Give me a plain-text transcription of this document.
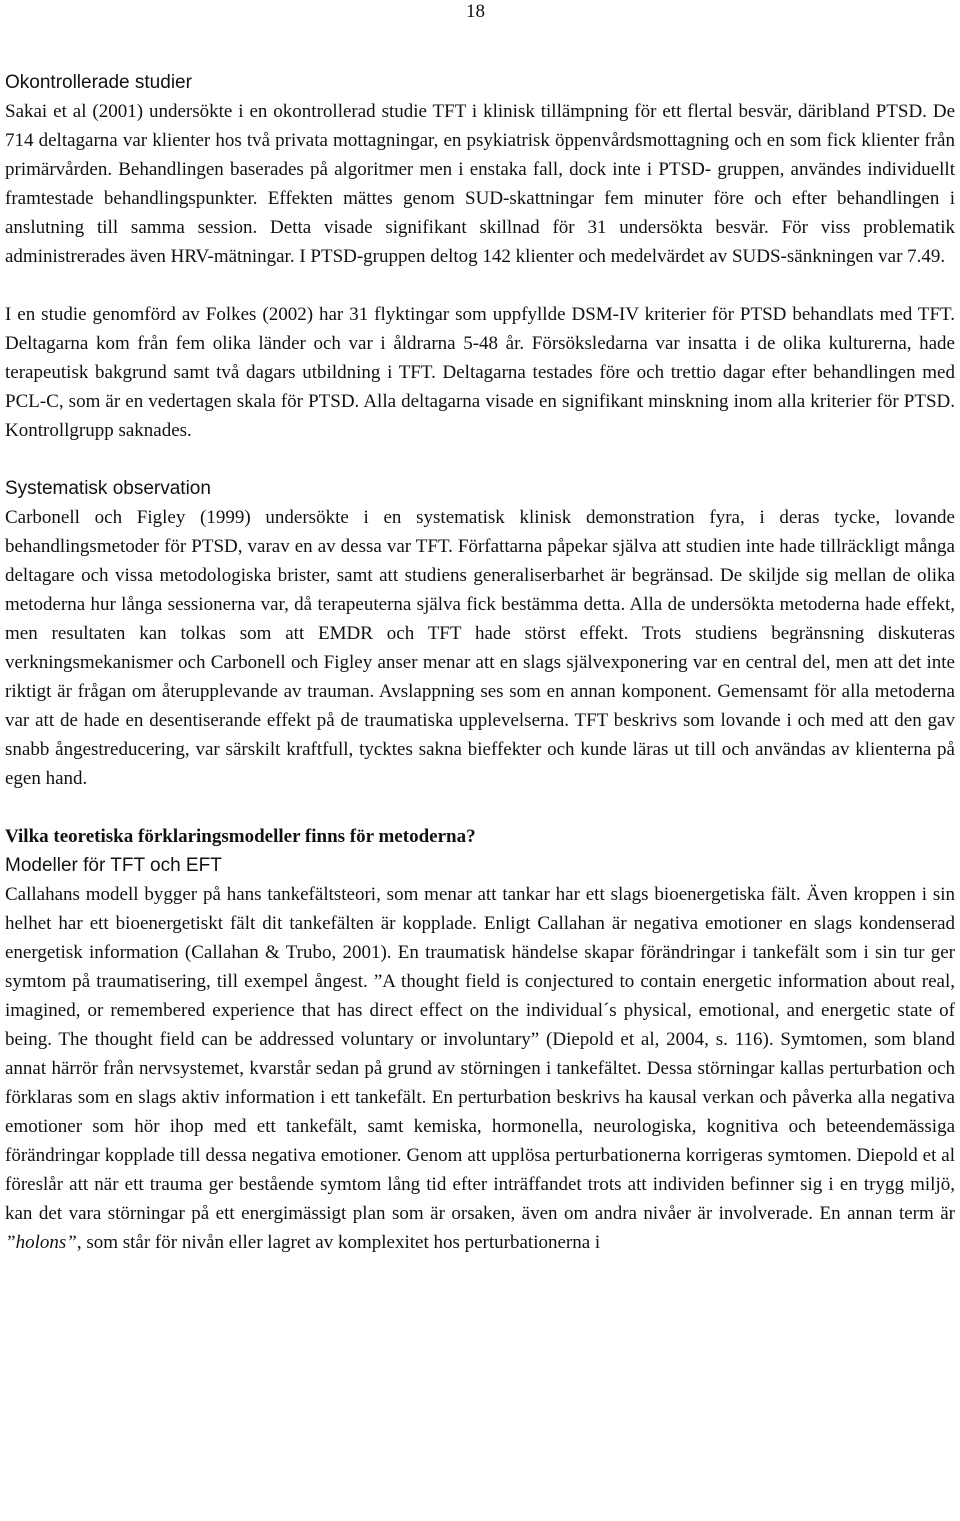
18

Okontrollerade studier

Sakai et al (2001) undersökte i en okontrollerad studie TFT i klinisk tillämpning för ett flertal besvär, däribland PTSD. De 714 deltagarna var klienter hos två privata mottagningar, en psykiatrisk öppenvårdsmottagning och en som fick klienter från primärvården. Behandlingen baserades på algoritmer men i enstaka fall, dock inte i PTSD- gruppen, användes individuellt framtestade behandlingspunkter. Effekten mättes genom SUD-skattningar fem minuter före och efter behandlingen i anslutning till samma session. Detta visade signifikant skillnad för 31 undersökta besvär. För viss problematik administrerades även HRV-mätningar. I PTSD-gruppen deltog 142 klienter och medelvärdet av SUDS-sänkningen var 7.49.

I en studie genomförd av Folkes (2002) har 31 flyktingar som uppfyllde DSM-IV kriterier för PTSD behandlats med TFT. Deltagarna kom från fem olika länder och var i åldrarna 5-48 år. Försöksledarna var insatta i de olika kulturerna, hade terapeutisk bakgrund samt två dagars utbildning i TFT. Deltagarna testades före och trettio dagar efter behandlingen med PCL-C, som är en vedertagen skala för PTSD. Alla deltagarna visade en signifikant minskning inom alla kriterier för PTSD. Kontrollgrupp saknades.

Systematisk observation

Carbonell och Figley (1999) undersökte i en systematisk klinisk demonstration fyra, i deras tycke, lovande behandlingsmetoder för PTSD, varav en av dessa var TFT. Författarna påpekar själva att studien inte hade tillräckligt många deltagare och vissa metodologiska brister, samt att studiens generaliserbarhet är begränsad. De skiljde sig mellan de olika metoderna hur långa sessionerna var, då terapeuterna själva fick bestämma detta. Alla de undersökta metoderna hade effekt, men resultaten kan tolkas som att EMDR och TFT hade störst effekt. Trots studiens begränsning diskuteras verkningsmekanismer och Carbonell och Figley anser menar att en slags självexponering var en central del, men att det inte riktigt är frågan om återupplevande av trauman. Avslappning ses som en annan komponent. Gemensamt för alla metoderna var att de hade en desentiserande effekt på de traumatiska upplevelserna. TFT beskrivs som lovande i och med att den gav snabb ångestreducering, var särskilt kraftfull, tycktes sakna bieffekter och kunde läras ut till och användas av klienterna på egen hand.

Vilka teoretiska förklaringsmodeller finns för metoderna?

Modeller för TFT och EFT

Callahans modell bygger på hans tankefältsteori, som menar att tankar har ett slags bioenergetiska fält. Även kroppen i sin helhet har ett bioenergetiskt fält dit tankefälten är kopplade. Enligt Callahan är negativa emotioner en slags kondenserad energetisk information (Callahan & Trubo, 2001). En traumatisk händelse skapar förändringar i tankefält som i sin tur ger symtom på traumatisering, till exempel ångest. ”A thought field is conjectured to contain energetic information about real, imagined, or remembered experience that has direct effect on the individual´s physical, emotional, and energetic state of being. The thought field can be addressed voluntary or involuntary” (Diepold et al, 2004, s. 116). Symtomen, som bland annat härrör från nervsystemet, kvarstår sedan på grund av störningen i tankefältet. Dessa störningar kallas perturbation och förklaras som en slags aktiv information i ett tankefält. En perturbation beskrivs ha kausal verkan och påverka alla negativa emotioner som hör ihop med ett tankefält, samt kemiska, hormonella, neurologiska, kognitiva och beteendemässiga förändringar kopplade till dessa negativa emotioner. Genom att upplösa perturbationerna korrigeras symtomen. Diepold et al föreslår att när ett trauma ger bestående symtom lång tid efter inträffandet trots att individen befinner sig i en trygg miljö, kan det vara störningar på ett energimässigt plan som är orsaken, även om andra nivåer är involverade. En annan term är ”holons”, som står för nivån eller lagret av komplexitet hos perturbationerna i
